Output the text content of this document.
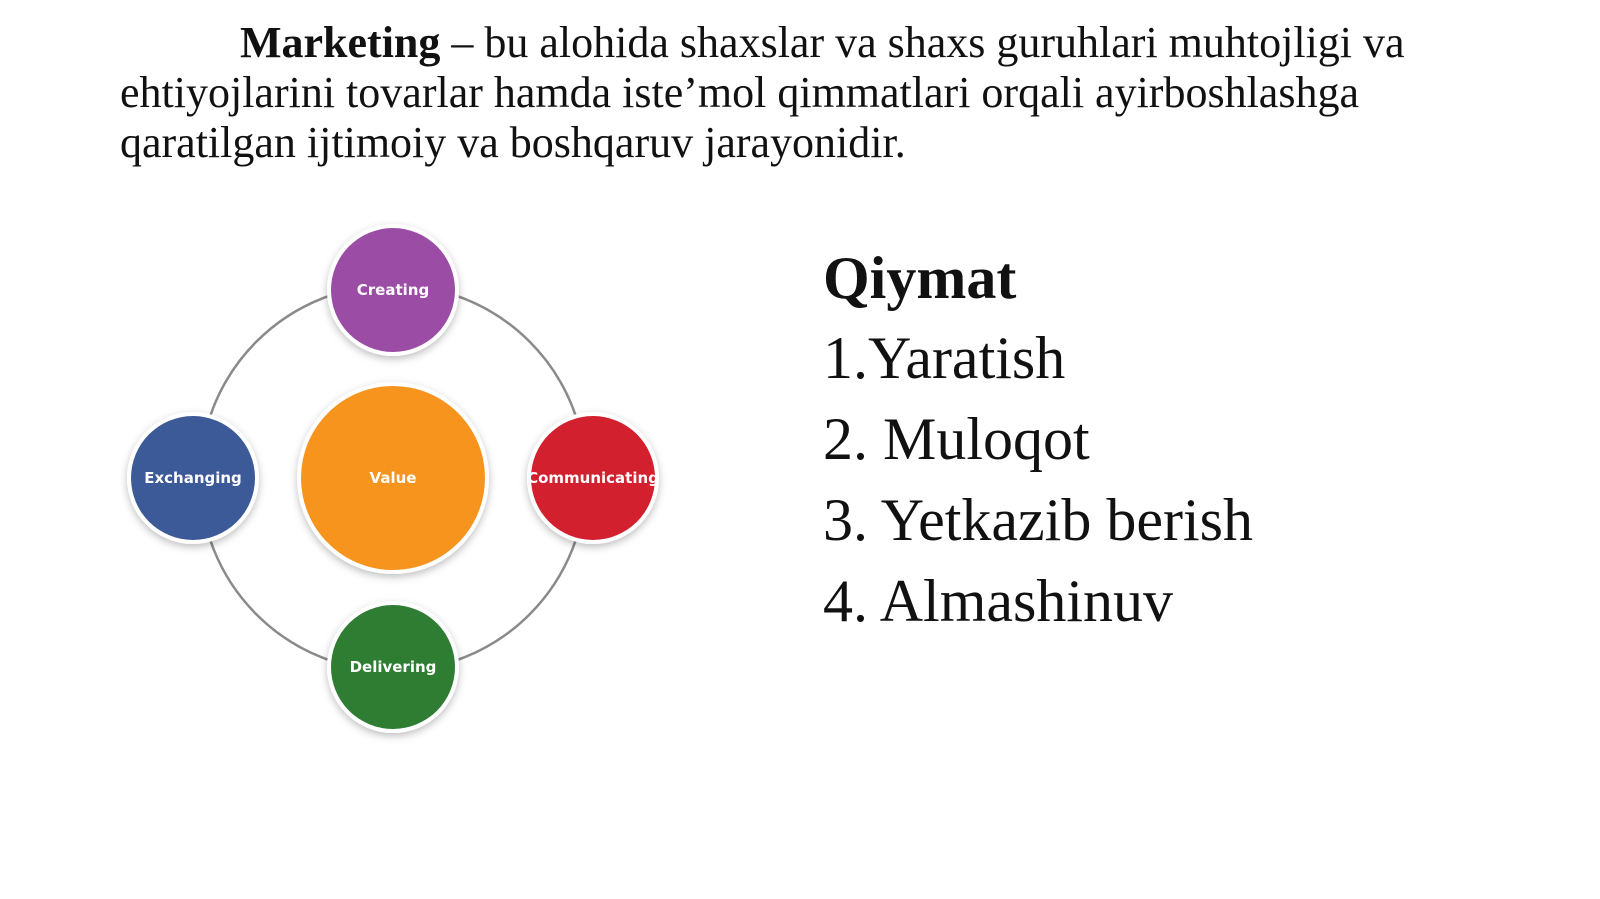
Marketing – bu alohida shaxslar va shaxs guruhlari muhtojligi va ehtiyojlarini tovarlar hamda iste’mol qimmatlari orqali ayirboshlashga qaratilgan ijtimoiy va boshqaruv jarayonidir.

Creating
Exchanging	Communicating
Delivering
Value

Qiymat

1.Yaratish

2. Muloqot

3. Yetkazib berish

4. Almashinuv
